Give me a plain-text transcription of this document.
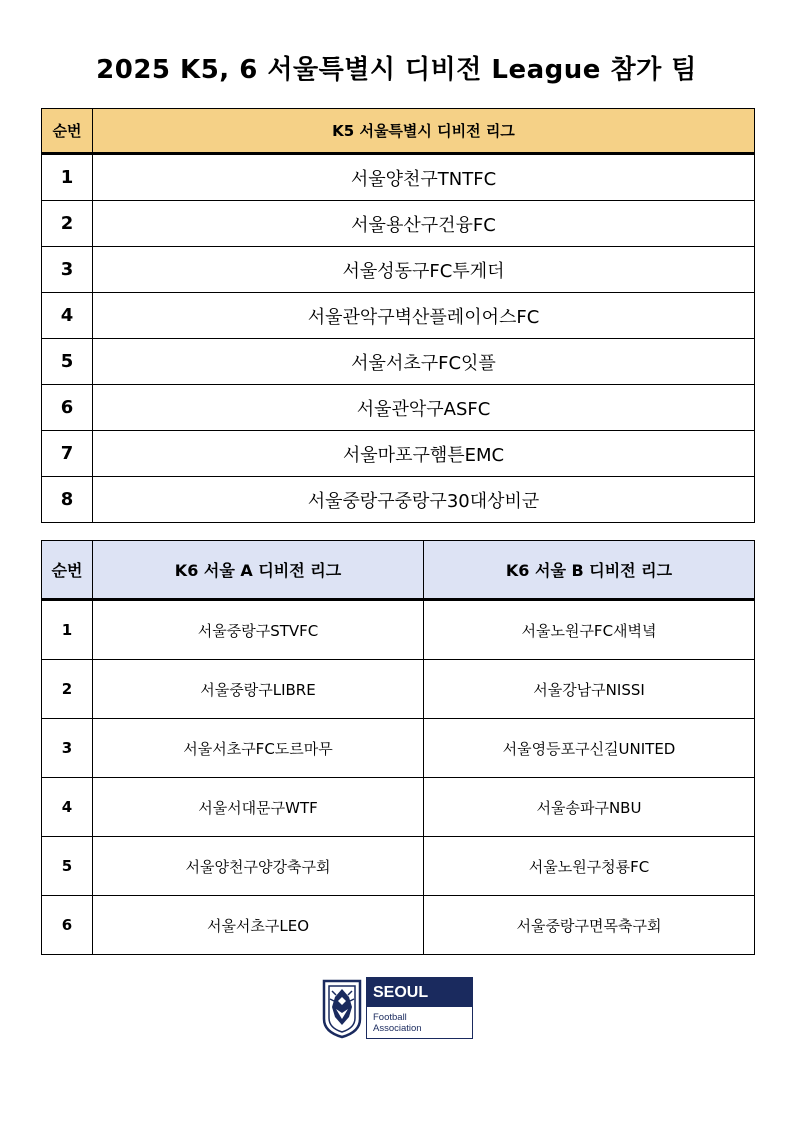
2025 K5, 6 서울특별시 디비전 League 참가 팀
순번	K5 서울특별시 디비전 리그
1	서울양천구TNTFC
2	서울용산구건융FC
3	서울성동구FC투게더
4	서울관악구벽산플레이어스FC
5	서울서초구FC잇플
6	서울관악구ASFC
7	서울마포구햄튼EMC
8	서울중랑구중랑구30대상비군
순번	K6 서울 A 디비전 리그	K6 서울 B 디비전 리그
1	서울중랑구STVFC	서울노원구FC새벽녘
2	서울중랑구LIBRE	서울강남구NISSI
3	서울서초구FC도르마무	서울영등포구신길UNITED
4	서울서대문구WTF	서울송파구NBU
5	서울양천구양강축구회	서울노원구청룡FC
6	서울서초구LEO	서울중랑구면목축구회
SEOUL
Football
Association
